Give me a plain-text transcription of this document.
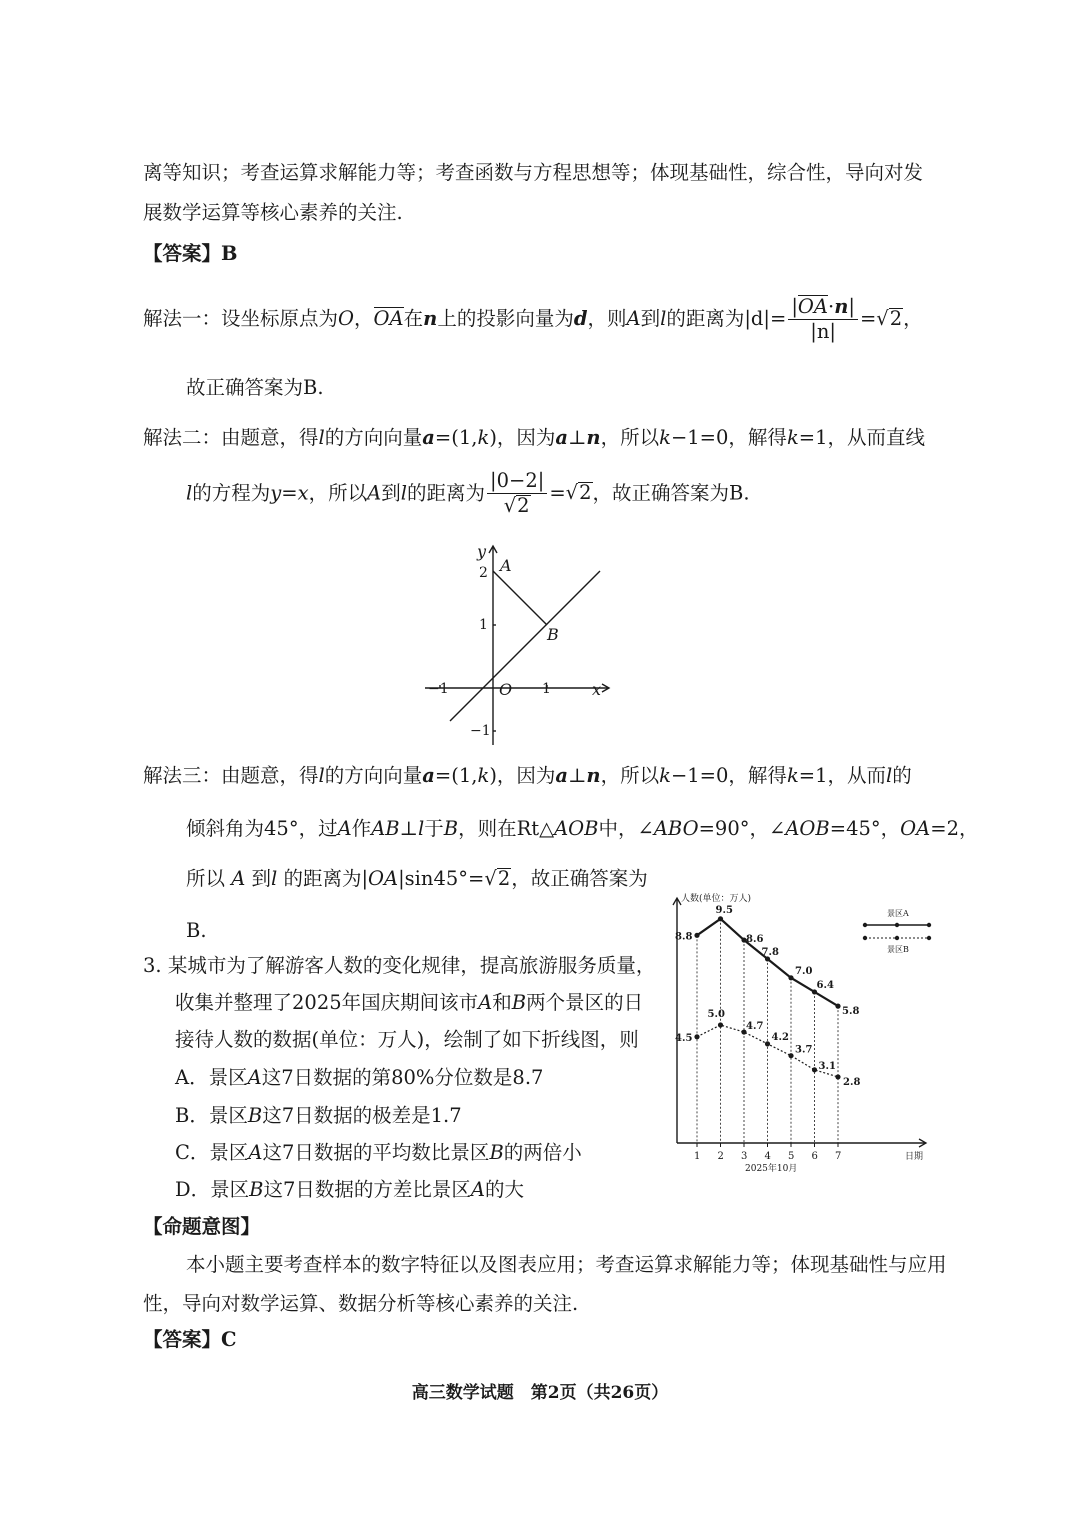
离等知识；考查运算求解能力等；考查函数与方程思想等；体现基础性，综合性，导向对发
展数学运算等核心素养的关注.
【答案】B
解法一：设坐标原点为O，OA在n上的投影向量为d，则A到l的距离为$|d|= \frac{|OA\cdot n|}{|n|} =√2$，
故正确答案为B.
解法二：由题意，得l的方向向量a=(1,k)，因为a⊥n，所以k−1=0，解得k=1，从而直线
l的方程为y=x，所以A到l的距离为 $\frac{|0-2|}{√2} =√2$，故正确答案为B.
y
x
A
B
O
−1	1
2
1
−1
解法三：由题意，得l的方向向量a=(1,k)，因为a⊥n，所以k−1=0，解得k=1，从而l的
倾斜角为45°，过A作AB⊥l于B，则在Rt△AOB中，∠ABO=90°，∠AOB=45°，OA=2，
所以 A 到l 的距离为|OA|sin45°=√2，故正确答案为
B.
3. 某城市为了解游客人数的变化规律，提高旅游服务质量，
收集并整理了2025年国庆期间该市A和B两个景区的日
接待人数的数据(单位：万人)，绘制了如下折线图，则
A．景区A这7日数据的第80%分位数是8.7
B．景区B这7日数据的极差是1.7
C．景区A这7日数据的平均数比景区B的两倍小
D．景区B这7日数据的方差比景区A的大
人数(单位：万人)
日期
2025年10月
1 2 3 4 5 6 7
8.8
9.5
8.6
7.8
7.0
6.4
5.8
4.5
5.0
4.7
4.2
3.7
3.1
2.8
景区A
景区B
【命题意图】
本小题主要考查样本的数字特征以及图表应用；考查运算求解能力等；体现基础性与应用
性，导向对数学运算、数据分析等核心素养的关注.
【答案】C
高三数学试题　第2页（共26页）
